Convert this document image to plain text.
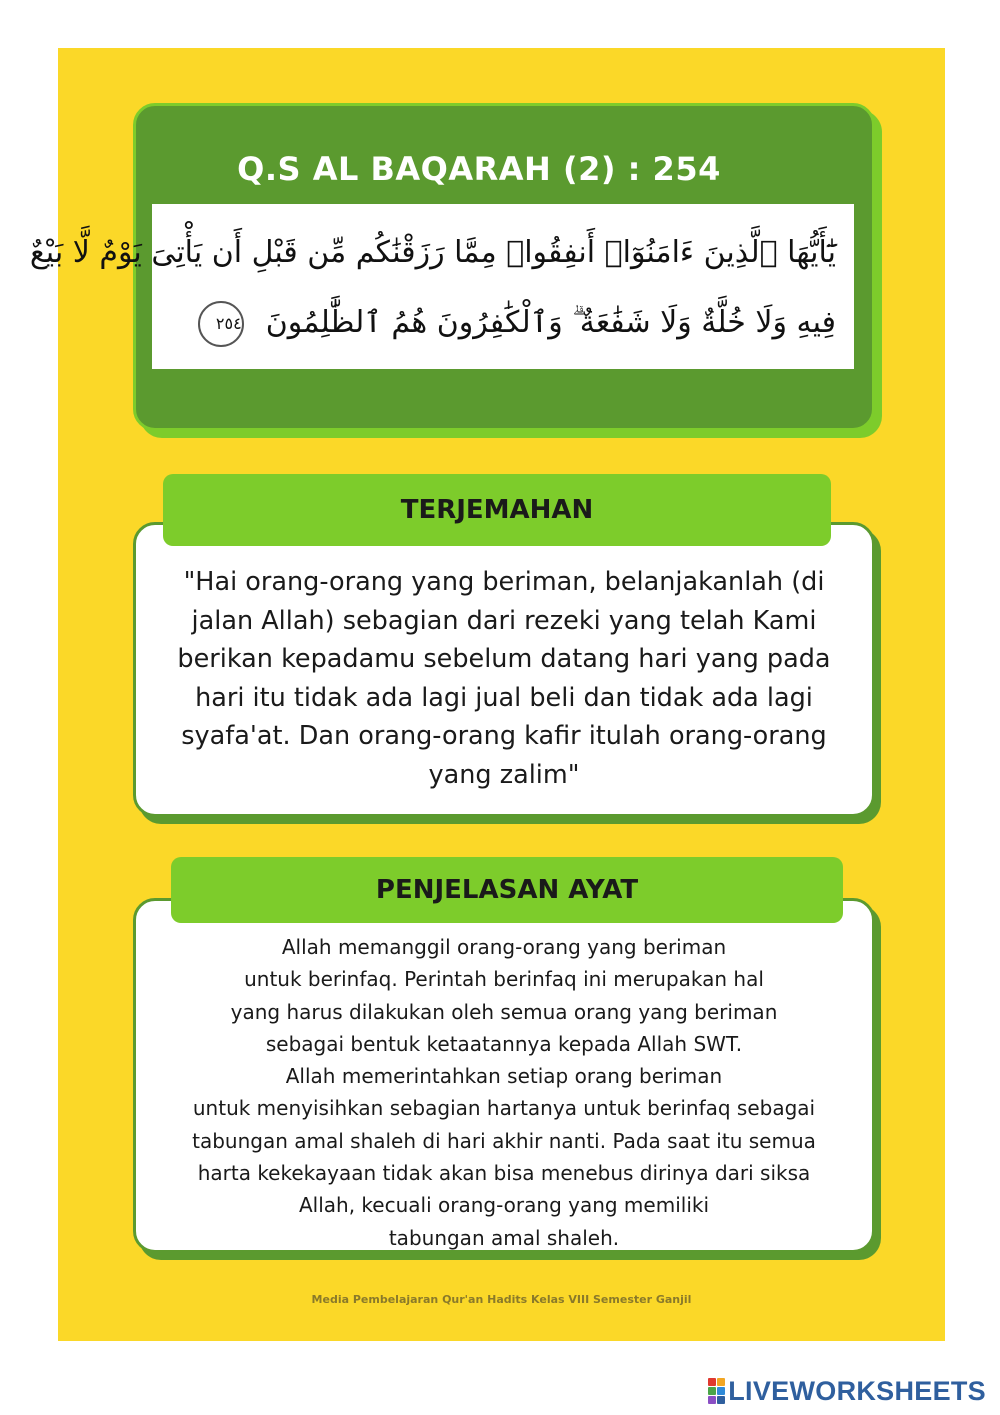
Q.S AL BAQARAH (2) : 254
يَٰٓأَيُّهَا ٱلَّذِينَ ءَامَنُوٓا۟ أَنفِقُوا۟ مِمَّا رَزَقْنَٰكُم مِّن قَبْلِ أَن يَأْتِىَ يَوْمٌ لَّا بَيْعٌ
فِيهِ وَلَا خُلَّةٌ وَلَا شَفَٰعَةٌ ۗ وَٱلْكَٰفِرُونَ هُمُ ٱلظَّٰلِمُونَ٢٥٤
"Hai orang-orang yang beriman, belanjakanlah (di
jalan Allah) sebagian dari rezeki yang telah Kami
berikan kepadamu sebelum datang hari yang pada
hari itu tidak ada lagi jual beli dan tidak ada lagi
syafa'at. Dan orang-orang kafir itulah orang-orang
yang zalim"
TERJEMAHAN
Allah memanggil orang-orang yang beriman
untuk berinfaq. Perintah berinfaq ini merupakan hal
yang harus dilakukan oleh semua orang yang beriman
sebagai bentuk ketaatannya kepada Allah SWT.
Allah memerintahkan setiap orang beriman
untuk menyisihkan sebagian hartanya untuk berinfaq sebagai
tabungan amal shaleh di hari akhir nanti. Pada saat itu semua
harta kekekayaan tidak akan bisa menebus dirinya dari siksa
Allah, kecuali orang-orang yang memiliki
tabungan amal shaleh.
PENJELASAN AYAT
Media Pembelajaran Qur'an Hadits Kelas VIII Semester Ganjil
LIVEWORKSHEETS
